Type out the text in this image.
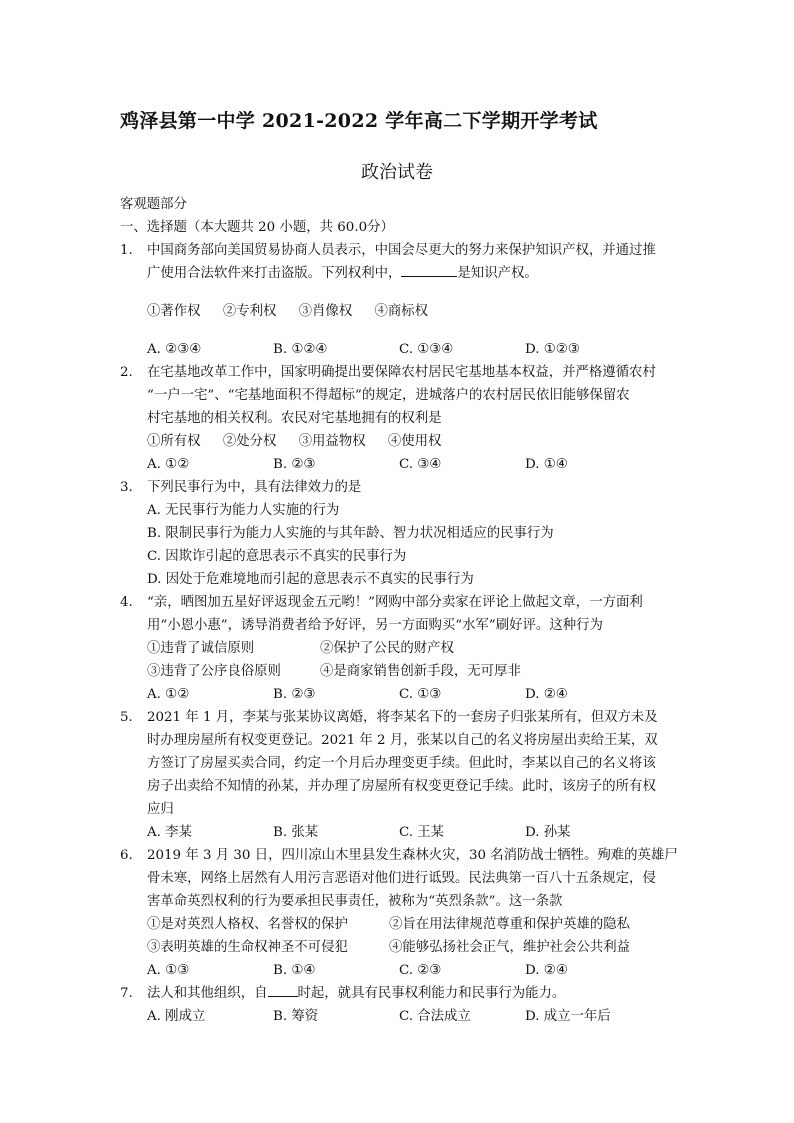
鸡泽县第一中学 2021-2022 学年高二下学期开学考试
政治试卷
客观题部分
一、选择题（本大题共 20 小题，共 60.0分）
1. 中国商务部向美国贸易协商人员表示，中国会尽更大的努力来保护知识产权，并通过推
广使用合法软件来打击盗版。下列权利中，	是知识产权。
①著作权 ②专利权 ③肖像权 ④商标权
A. ②③④	B. ①②④	C. ①③④	D. ①②③
2. 在宅基地改革工作中，国家明确提出要保障农村居民宅基地基本权益，并严格遵循农村
“一户一宅”、“宅基地面积不得超标”的规定，进城落户的农村居民依旧能够保留农
村宅基地的相关权利。农民对宅基地拥有的权利是
①所有权 ②处分权 ③用益物权 ④使用权
A. ①②	B. ②③	C. ③④	D. ①④
3. 下列民事行为中，具有法律效力的是
A. 无民事行为能力人实施的行为
B. 限制民事行为能力人实施的与其年龄、智力状况相适应的民事行为
C. 因欺诈引起的意思表示不真实的民事行为
D. 因处于危难境地而引起的意思表示不真实的民事行为
4. “亲，晒图加五星好评返现金五元哟！”网购中部分卖家在评论上做起文章，一方面利
用“小恩小惠”，诱导消费者给予好评，另一方面购买“水军”刷好评。这种行为
①违背了诚信原则	②保护了公民的财产权
③违背了公序良俗原则	④是商家销售创新手段，无可厚非
A. ①②	B. ②③	C. ①③	D. ②④
5. 2021 年 1 月，李某与张某协议离婚，将李某名下的一套房子归张某所有，但双方未及
时办理房屋所有权变更登记。2021 年 2 月，张某以自己的名义将房屋出卖给王某，双
方签订了房屋买卖合同，约定一个月后办理变更手续。但此时，李某以自己的名义将该
房子出卖给不知情的孙某，并办理了房屋所有权变更登记手续。此时，该房子的所有权
应归
A. 李某	B. 张某	C. 王某	D. 孙某
6. 2019 年 3 月 30 日，四川凉山木里县发生森林火灾，30 名消防战士牺牲。殉难的英雄尸
骨未寒，网络上居然有人用污言恶语对他们进行诋毁。民法典第一百八十五条规定，侵
害革命英烈权利的行为要承担民事责任，被称为“英烈条款”。这一条款
①是对英烈人格权、名誉权的保护	②旨在用法律规范尊重和保护英雄的隐私
③表明英雄的生命权神圣不可侵犯	④能够弘扬社会正气，维护社会公共利益
A. ①③	B. ①④	C. ②③	D. ②④
7. 法人和其他组织，自 时起，就具有民事权利能力和民事行为能力。
A. 刚成立	B. 筹资	C. 合法成立	D. 成立一年后
